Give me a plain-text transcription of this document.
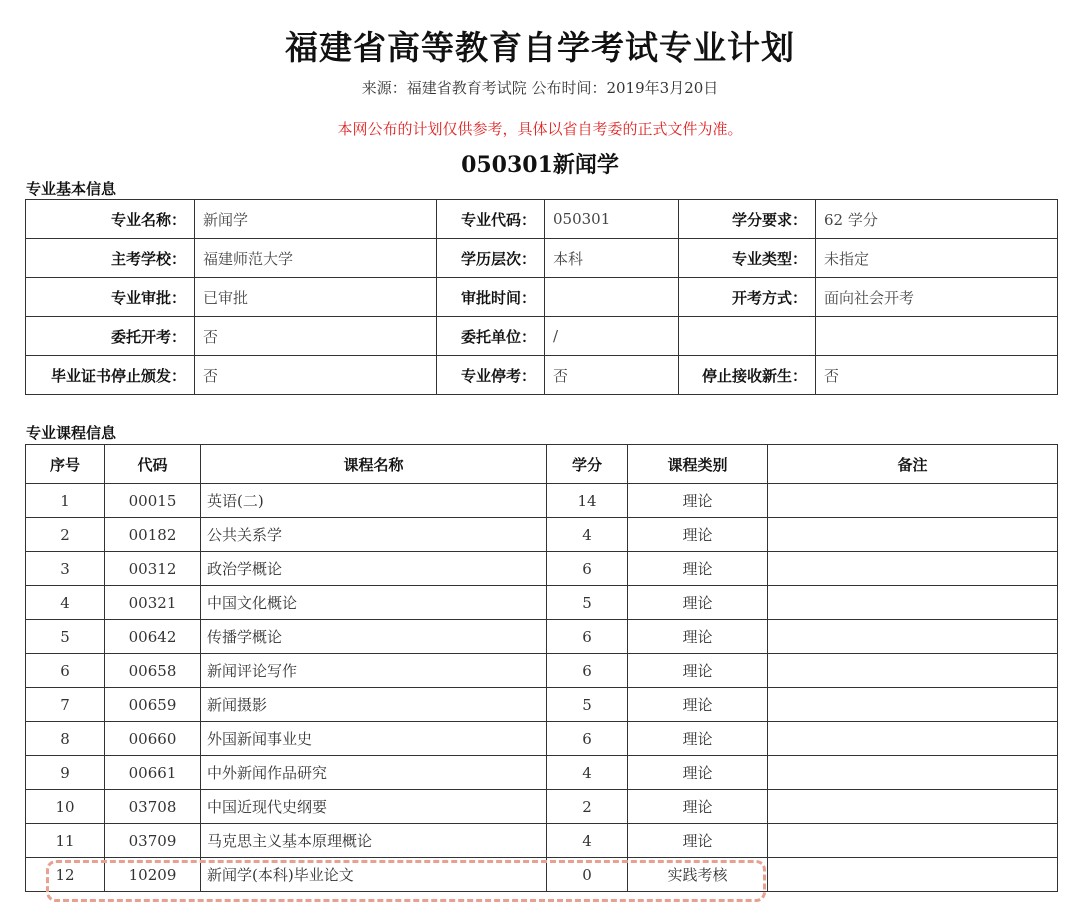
福建省高等教育自学考试专业计划
来源：福建省教育考试院 公布时间：2019年3月20日
本网公布的计划仅供参考，具体以省自考委的正式文件为准。
050301新闻学
专业基本信息
专业名称：	新闻学	专业代码：	050301	学分要求：	62 学分
主考学校：	福建师范大学	学历层次：	本科	专业类型：	未指定
专业审批：	已审批	审批时间：		开考方式：	面向社会开考
委托开考：	否	委托单位：	/		
毕业证书停止颁发：	否	专业停考：	否	停止接收新生：	否
专业课程信息
序号	代码	课程名称	学分	课程类别	备注
1	00015	英语(二)	14	理论	
2	00182	公共关系学	4	理论	
3	00312	政治学概论	6	理论	
4	00321	中国文化概论	5	理论	
5	00642	传播学概论	6	理论	
6	00658	新闻评论写作	6	理论	
7	00659	新闻摄影	5	理论	
8	00660	外国新闻事业史	6	理论	
9	00661	中外新闻作品研究	4	理论	
10	03708	中国近现代史纲要	2	理论	
11	03709	马克思主义基本原理概论	4	理论	
12	10209	新闻学(本科)毕业论文	0	实践考核	
